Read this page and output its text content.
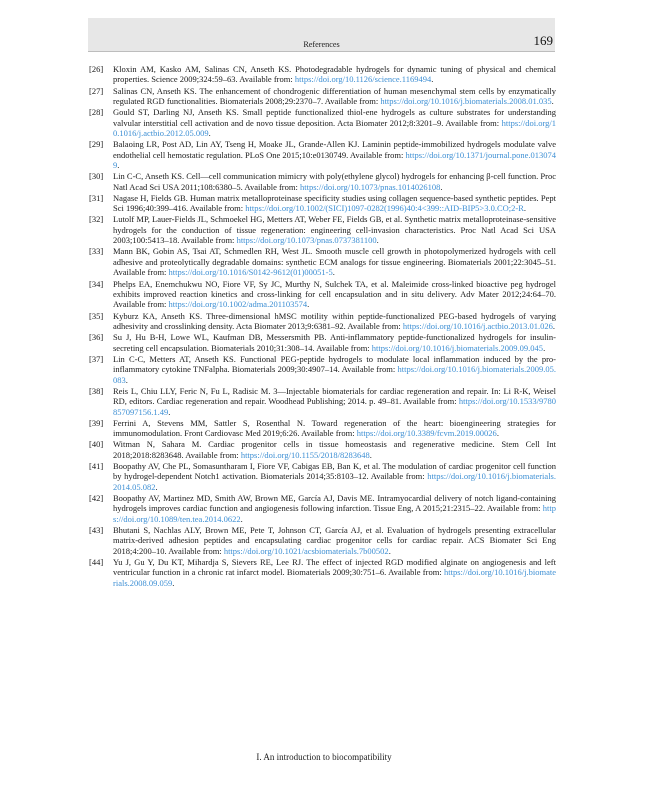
References	169
[26] Kloxin AM, Kasko AM, Salinas CN, Anseth KS. Photodegradable hydrogels for dynamic tuning of physical and chemical properties. Science 2009;324:59–63. Available from: https://doi.org/10.1126/science.1169494.
[27] Salinas CN, Anseth KS. The enhancement of chondrogenic differentiation of human mesenchymal stem cells by enzymatically regulated RGD functionalities. Biomaterials 2008;29:2370–7. Available from: https://doi.org/10.1016/j.biomaterials.2008.01.035.
[28] Gould ST, Darling NJ, Anseth KS. Small peptide functionalized thiol-ene hydrogels as culture substrates for understanding valvular interstitial cell activation and de novo tissue deposition. Acta Biomater 2012;8:3201–9. Available from: https://doi.org/10.1016/j.actbio.2012.05.009.
[29] Balaoing LR, Post AD, Lin AY, Tseng H, Moake JL, Grande-Allen KJ. Laminin peptide-immobilized hydrogels modulate valve endothelial cell hemostatic regulation. PLoS One 2015;10:e0130749. Available from: https://doi.org/10.1371/journal.pone.0130749.
[30] Lin C-C, Anseth KS. Cell—cell communication mimicry with poly(ethylene glycol) hydrogels for enhancing β-cell function. Proc Natl Acad Sci USA 2011;108:6380–5. Available from: https://doi.org/10.1073/pnas.1014026108.
[31] Nagase H, Fields GB. Human matrix metalloproteinase specificity studies using collagen sequence-based synthetic peptides. Pept Sci 1996;40:399–416. Available from: https://doi.org/10.1002/(SICI)1097-0282(1996)40:4<399::AID-BIP5>3.0.CO;2-R.
[32] Lutolf MP, Lauer-Fields JL, Schmoekel HG, Metters AT, Weber FE, Fields GB, et al. Synthetic matrix metalloproteinase-sensitive hydrogels for the conduction of tissue regeneration: engineering cell-invasion characteristics. Proc Natl Acad Sci USA 2003;100:5413–18. Available from: https://doi.org/10.1073/pnas.0737381100.
[33] Mann BK, Gobin AS, Tsai AT, Schmedlen RH, West JL. Smooth muscle cell growth in photopolymerized hydrogels with cell adhesive and proteolytically degradable domains: synthetic ECM analogs for tissue engineering. Biomaterials 2001;22:3045–51. Available from: https://doi.org/10.1016/S0142-9612(01)00051-5.
[34] Phelps EA, Enemchukwu NO, Fiore VF, Sy JC, Murthy N, Sulchek TA, et al. Maleimide cross-linked bioactive peg hydrogel exhibits improved reaction kinetics and cross-linking for cell encapsulation and in situ delivery. Adv Mater 2012;24:64–70. Available from: https://doi.org/10.1002/adma.201103574.
[35] Kyburz KA, Anseth KS. Three-dimensional hMSC motility within peptide-functionalized PEG-based hydrogels of varying adhesivity and crosslinking density. Acta Biomater 2013;9:6381–92. Available from: https://doi.org/10.1016/j.actbio.2013.01.026.
[36] Su J, Hu B-H, Lowe WL, Kaufman DB, Messersmith PB. Anti-inflammatory peptide-functionalized hydrogels for insulin-secreting cell encapsulation. Biomaterials 2010;31:308–14. Available from: https://doi.org/10.1016/j.biomaterials.2009.09.045.
[37] Lin C-C, Metters AT, Anseth KS. Functional PEG-peptide hydrogels to modulate local inflammation induced by the pro-inflammatory cytokine TNFalpha. Biomaterials 2009;30:4907–14. Available from: https://doi.org/10.1016/j.biomaterials.2009.05.083.
[38] Reis L, Chiu LLY, Feric N, Fu L, Radisic M. 3—Injectable biomaterials for cardiac regeneration and repair. In: Li R-K, Weisel RD, editors. Cardiac regeneration and repair. Woodhead Publishing; 2014. p. 49–81. Available from: https://doi.org/10.1533/9780857097156.1.49.
[39] Ferrini A, Stevens MM, Sattler S, Rosenthal N. Toward regeneration of the heart: bioengineering strategies for immunomodulation. Front Cardiovasc Med 2019;6:26. Available from: https://doi.org/10.3389/fcvm.2019.00026.
[40] Witman N, Sahara M. Cardiac progenitor cells in tissue homeostasis and regenerative medicine. Stem Cell Int 2018;2018:8283648. Available from: https://doi.org/10.1155/2018/8283648.
[41] Boopathy AV, Che PL, Somasuntharam I, Fiore VF, Cabigas EB, Ban K, et al. The modulation of cardiac progenitor cell function by hydrogel-dependent Notch1 activation. Biomaterials 2014;35:8103–12. Available from: https://doi.org/10.1016/j.biomaterials.2014.05.082.
[42] Boopathy AV, Martinez MD, Smith AW, Brown ME, García AJ, Davis ME. Intramyocardial delivery of notch ligand-containing hydrogels improves cardiac function and angiogenesis following infarction. Tissue Eng, A 2015;21:2315–22. Available from: https://doi.org/10.1089/ten.tea.2014.0622.
[43] Bhutani S, Nachlas ALY, Brown ME, Pete T, Johnson CT, García AJ, et al. Evaluation of hydrogels presenting extracellular matrix-derived adhesion peptides and encapsulating cardiac progenitor cells for cardiac repair. ACS Biomater Sci Eng 2018;4:200–10. Available from: https://doi.org/10.1021/acsbiomaterials.7b00502.
[44] Yu J, Gu Y, Du KT, Mihardja S, Sievers RE, Lee RJ. The effect of injected RGD modified alginate on angiogenesis and left ventricular function in a chronic rat infarct model. Biomaterials 2009;30:751–6. Available from: https://doi.org/10.1016/j.biomaterials.2008.09.059.
I. An introduction to biocompatibility
